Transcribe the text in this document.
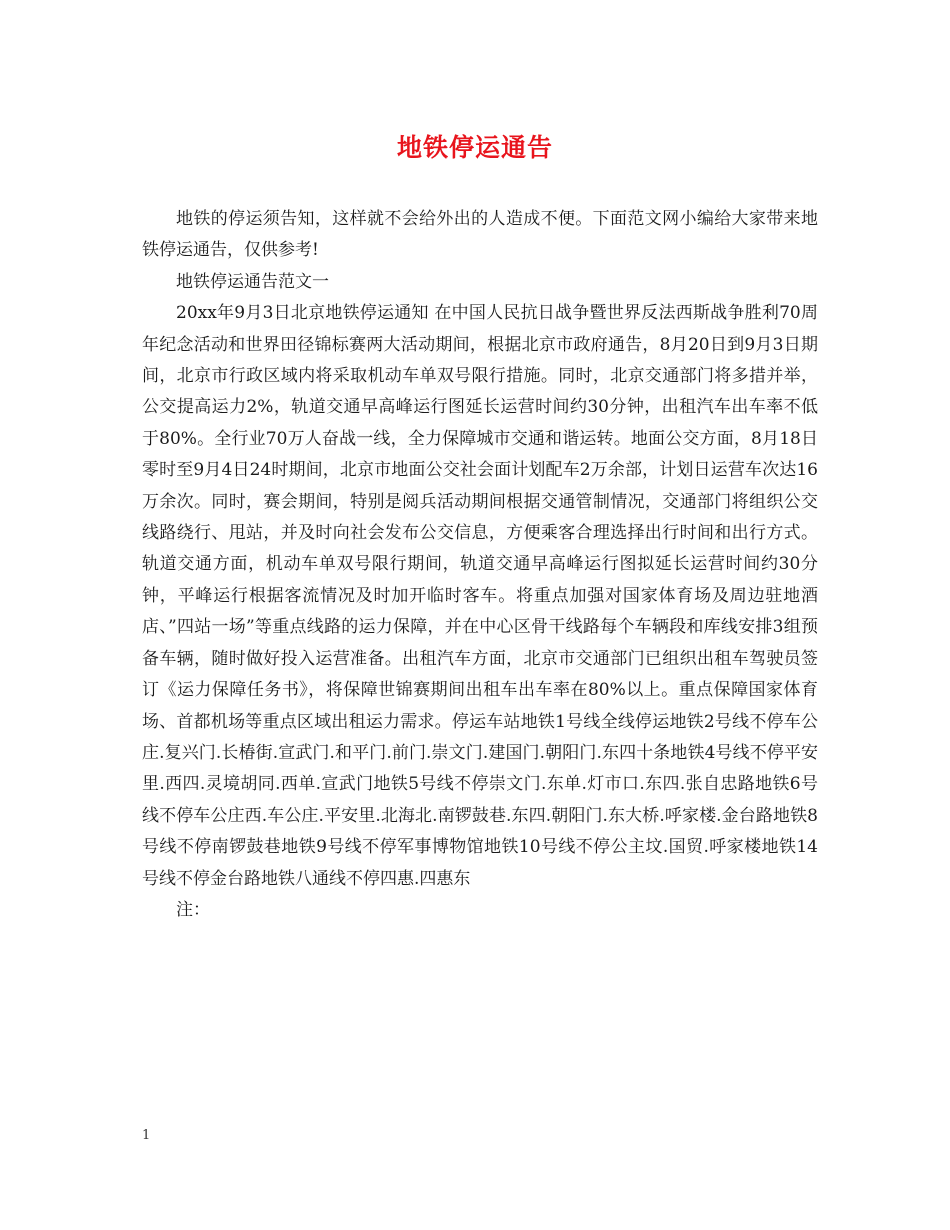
地铁停运通告

地铁的停运须告知，这样就不会给外出的人造成不便。下面范文网小编给大家带来地铁停运通告，仅供参考!

地铁停运通告范文一

20xx年9月3日北京地铁停运通知 在中国人民抗日战争暨世界反法西斯战争胜利70周年纪念活动和世界田径锦标赛两大活动期间，根据北京市政府通告，8月20日到9月3日期间，北京市行政区域内将采取机动车单双号限行措施。同时，北京交通部门将多措并举，公交提高运力2%，轨道交通早高峰运行图延长运营时间约30分钟，出租汽车出车率不低于80%。全行业70万人奋战一线，全力保障城市交通和谐运转。地面公交方面，8月18日零时至9月4日24时期间，北京市地面公交社会面计划配车2万余部，计划日运营车次达16万余次。同时，赛会期间，特别是阅兵活动期间根据交通管制情况，交通部门将组织公交线路绕行、甩站，并及时向社会发布公交信息，方便乘客合理选择出行时间和出行方式。轨道交通方面，机动车单双号限行期间，轨道交通早高峰运行图拟延长运营时间约30分钟，平峰运行根据客流情况及时加开临时客车。将重点加强对国家体育场及周边驻地酒店、”四站一场”等重点线路的运力保障，并在中心区骨干线路每个车辆段和库线安排3组预备车辆，随时做好投入运营准备。出租汽车方面，北京市交通部门已组织出租车驾驶员签订《运力保障任务书》，将保障世锦赛期间出租车出车率在80%以上。重点保障国家体育场、首都机场等重点区域出租运力需求。停运车站地铁1号线全线停运地铁2号线不停车公庄.复兴门.长椿街.宣武门.和平门.前门.崇文门.建国门.朝阳门.东四十条地铁4号线不停平安里.西四.灵境胡同.西单.宣武门地铁5号线不停崇文门.东单.灯市口.东四.张自忠路地铁6号线不停车公庄西.车公庄.平安里.北海北.南锣鼓巷.东四.朝阳门.东大桥.呼家楼.金台路地铁8号线不停南锣鼓巷地铁9号线不停军事博物馆地铁10号线不停公主坟.国贸.呼家楼地铁14号线不停金台路地铁八通线不停四惠.四惠东

注：

1
